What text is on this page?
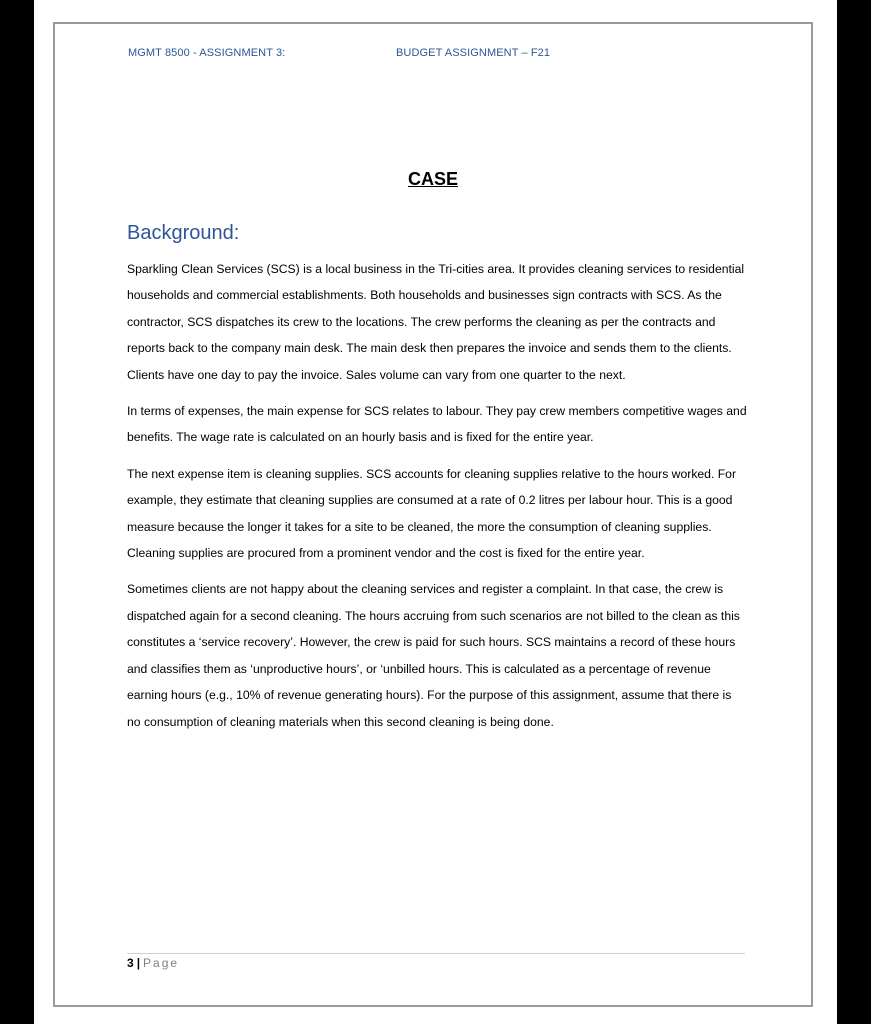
MGMT 8500 - ASSIGNMENT 3:	BUDGET ASSIGNMENT – F21
CASE
Background:

Sparkling Clean Services (SCS) is a local business in the Tri-cities area. It provides cleaning services to residential households and commercial establishments. Both households and businesses sign contracts with SCS. As the contractor, SCS dispatches its crew to the locations. The crew performs the cleaning as per the contracts and reports back to the company main desk. The main desk then prepares the invoice and sends them to the clients. Clients have one day to pay the invoice. Sales volume can vary from one quarter to the next.

In terms of expenses, the main expense for SCS relates to labour. They pay crew members competitive wages and benefits. The wage rate is calculated on an hourly basis and is fixed for the entire year.

The next expense item is cleaning supplies. SCS accounts for cleaning supplies relative to the hours worked. For example, they estimate that cleaning supplies are consumed at a rate of 0.2 litres per labour hour. This is a good measure because the longer it takes for a site to be cleaned, the more the consumption of cleaning supplies. Cleaning supplies are procured from a prominent vendor and the cost is fixed for the entire year.

Sometimes clients are not happy about the cleaning services and register a complaint. In that case, the crew is dispatched again for a second cleaning. The hours accruing from such scenarios are not billed to the clean as this constitutes a ‘service recovery’. However, the crew is paid for such hours. SCS maintains a record of these hours and classifies them as ‘unproductive hours’, or ‘unbilled hours. This is calculated as a percentage of revenue earning hours (e.g., 10% of revenue generating hours). For the purpose of this assignment, assume that there is no consumption of cleaning materials when this second cleaning is being done.

3 | Page
